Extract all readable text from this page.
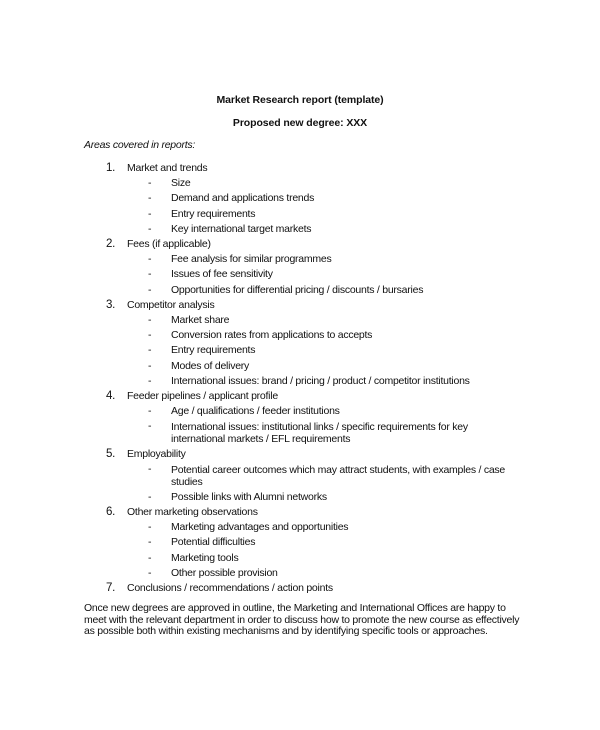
Market Research report (template)
Proposed new degree: XXX
Areas covered in reports:
1. Market and trends
- Size
- Demand and applications trends
- Entry requirements
- Key international target markets
2. Fees (if applicable)
- Fee analysis for similar programmes
- Issues of fee sensitivity
- Opportunities for differential pricing / discounts / bursaries
3. Competitor analysis
- Market share
- Conversion rates from applications to accepts
- Entry requirements
- Modes of delivery
- International issues: brand / pricing / product / competitor institutions
4. Feeder pipelines / applicant profile
- Age / qualifications / feeder institutions
- International issues: institutional links / specific requirements for key international markets / EFL requirements
5. Employability
- Potential career outcomes which may attract students, with examples / case studies
- Possible links with Alumni networks
6. Other marketing observations
- Marketing advantages and opportunities
- Potential difficulties
- Marketing tools
- Other possible provision
7. Conclusions / recommendations / action points
Once new degrees are approved in outline, the Marketing and International Offices are happy to meet with the relevant department in order to discuss how to promote the new course as effectively as possible both within existing mechanisms and by identifying specific tools or approaches.
